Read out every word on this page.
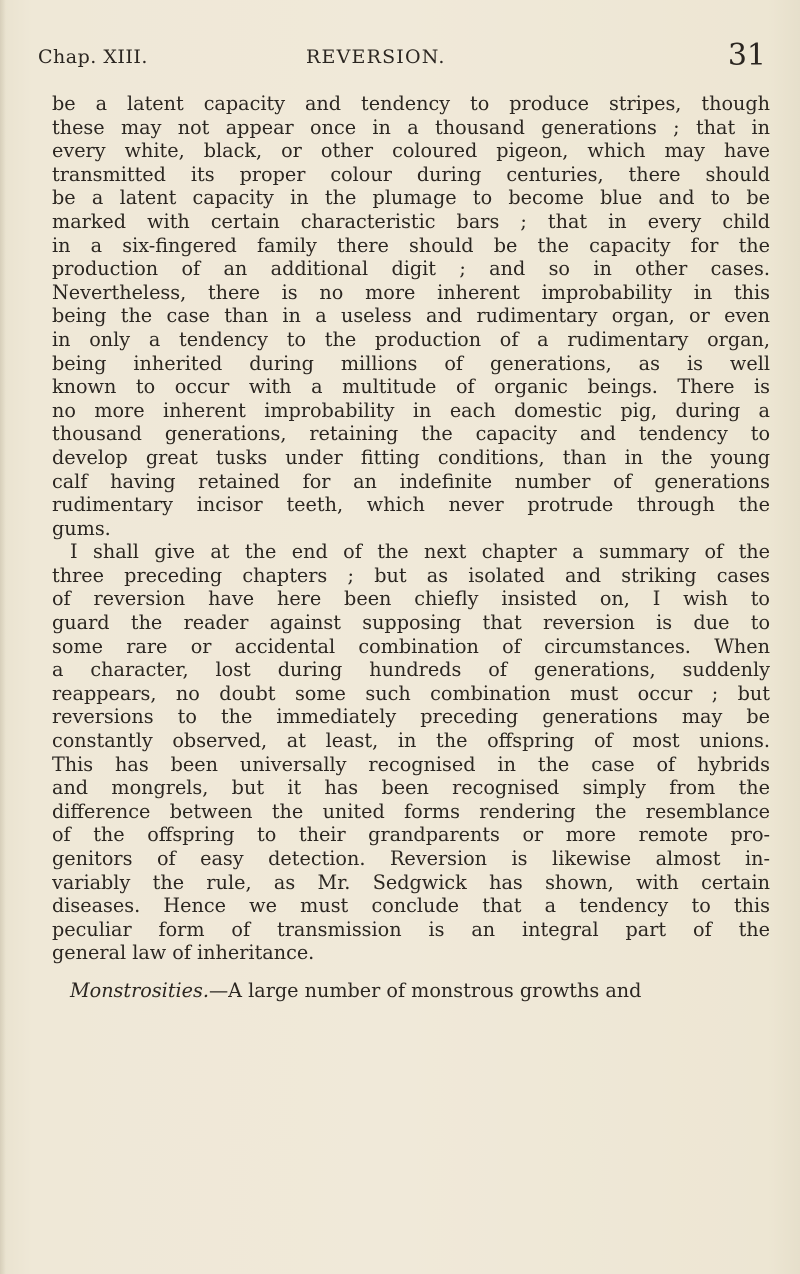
Chap. XIII.	REVERSION.	31
be a latent capacity and tendency to produce stripes, though
these may not appear once in a thousand generations ; that in
every white, black, or other coloured pigeon, which may have
transmitted its proper colour during centuries, there should
be a latent capacity in the plumage to become blue and to be
marked with certain characteristic bars ; that in every child
in a six-fingered family there should be the capacity for the
production of an additional digit ; and so in other cases.
Nevertheless, there is no more inherent improbability in this
being the case than in a useless and rudimentary organ, or even
in only a tendency to the production of a rudimentary organ,
being inherited during millions of generations, as is well
known to occur with a multitude of organic beings. There is
no more inherent improbability in each domestic pig, during a
thousand generations, retaining the capacity and tendency to
develop great tusks under fitting conditions, than in the young
calf having retained for an indefinite number of generations
rudimentary incisor teeth, which never protrude through the
gums.
I shall give at the end of the next chapter a summary of the
three preceding chapters ; but as isolated and striking cases
of reversion have here been chiefly insisted on, I wish to
guard the reader against supposing that reversion is due to
some rare or accidental combination of circumstances. When
a character, lost during hundreds of generations, suddenly
reappears, no doubt some such combination must occur ; but
reversions to the immediately preceding generations may be
constantly observed, at least, in the offspring of most unions.
This has been universally recognised in the case of hybrids
and mongrels, but it has been recognised simply from the
difference between the united forms rendering the resemblance
of the offspring to their grandparents or more remote pro-
genitors of easy detection. Reversion is likewise almost in-
variably the rule, as Mr. Sedgwick has shown, with certain
diseases. Hence we must conclude that a tendency to this
peculiar form of transmission is an integral part of the
general law of inheritance.
Monstrosities.—A large number of monstrous growths and
